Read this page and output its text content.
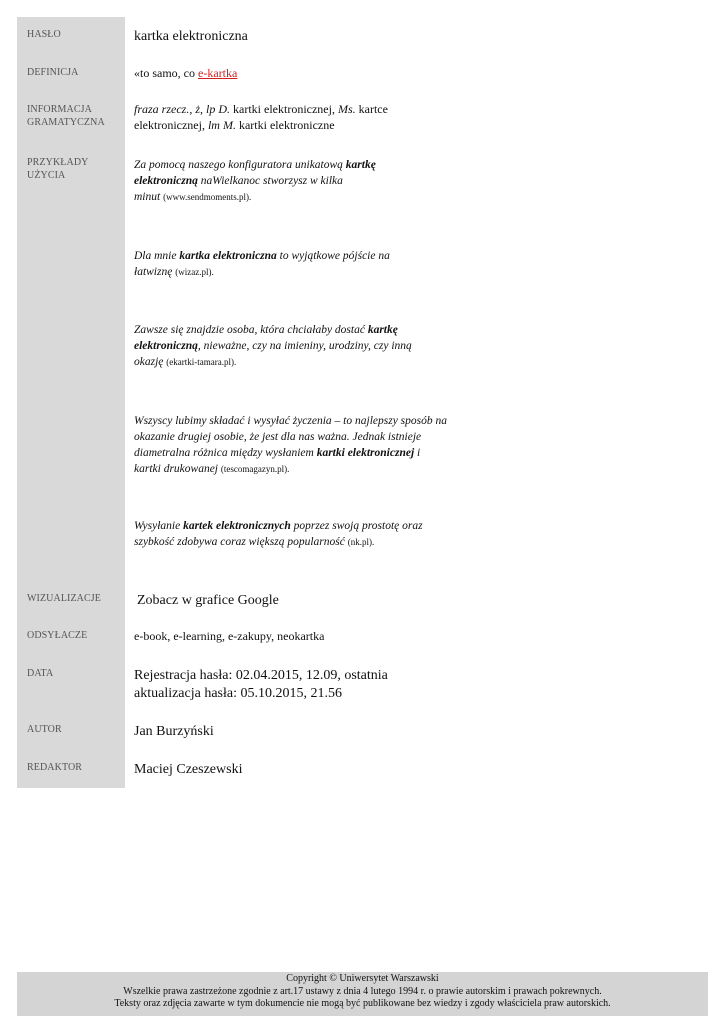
HASŁO
DEFINICJA
INFORMACJA
GRAMATYCZNA
PRZYKŁADY
UŻYCIA
WIZUALIZACJE
ODSYŁACZE
DATA
AUTOR
REDAKTOR
kartka elektroniczna
«to samo, co e-kartka
fraza rzecz., ż, lp D. kartki elektronicznej, Ms. kartce
elektronicznej, lm M. kartki elektroniczne
Za pomocą naszego konfiguratora unikatową kartkę
elektroniczną naWielkanoc stworzysz w kilka
minut (www.sendmoments.pl).
Dla mnie kartka elektroniczna to wyjątkowe pójście na
łatwiznę (wizaz.pl).
Zawsze się znajdzie osoba, która chciałaby dostać kartkę
elektroniczną, nieważne, czy na imieniny, urodziny, czy inną
okazję (ekartki-tamara.pl).
Wszyscy lubimy składać i wysyłać życzenia – to najlepszy sposób na
okazanie drugiej osobie, że jest dla nas ważna. Jednak istnieje
diametralna różnica między wysłaniem kartki elektronicznej i
kartki drukowanej (tescomagazyn.pl).
Wysyłanie kartek elektronicznych poprzez swoją prostotę oraz
szybkość zdobywa coraz większą popularność (nk.pl).
Zobacz w grafice Google
e-book, e-learning, e-zakupy, neokartka
Rejestracja hasła: 02.04.2015, 12.09, ostatnia
aktualizacja hasła: 05.10.2015, 21.56
Jan Burzyński
Maciej Czeszewski
Copyright © Uniwersytet Warszawski
Wszelkie prawa zastrzeżone zgodnie z art.17 ustawy z dnia 4 lutego 1994 r. o prawie autorskim i prawach pokrewnych.
Teksty oraz zdjęcia zawarte w tym dokumencie nie mogą być publikowane bez wiedzy i zgody właściciela praw autorskich.
